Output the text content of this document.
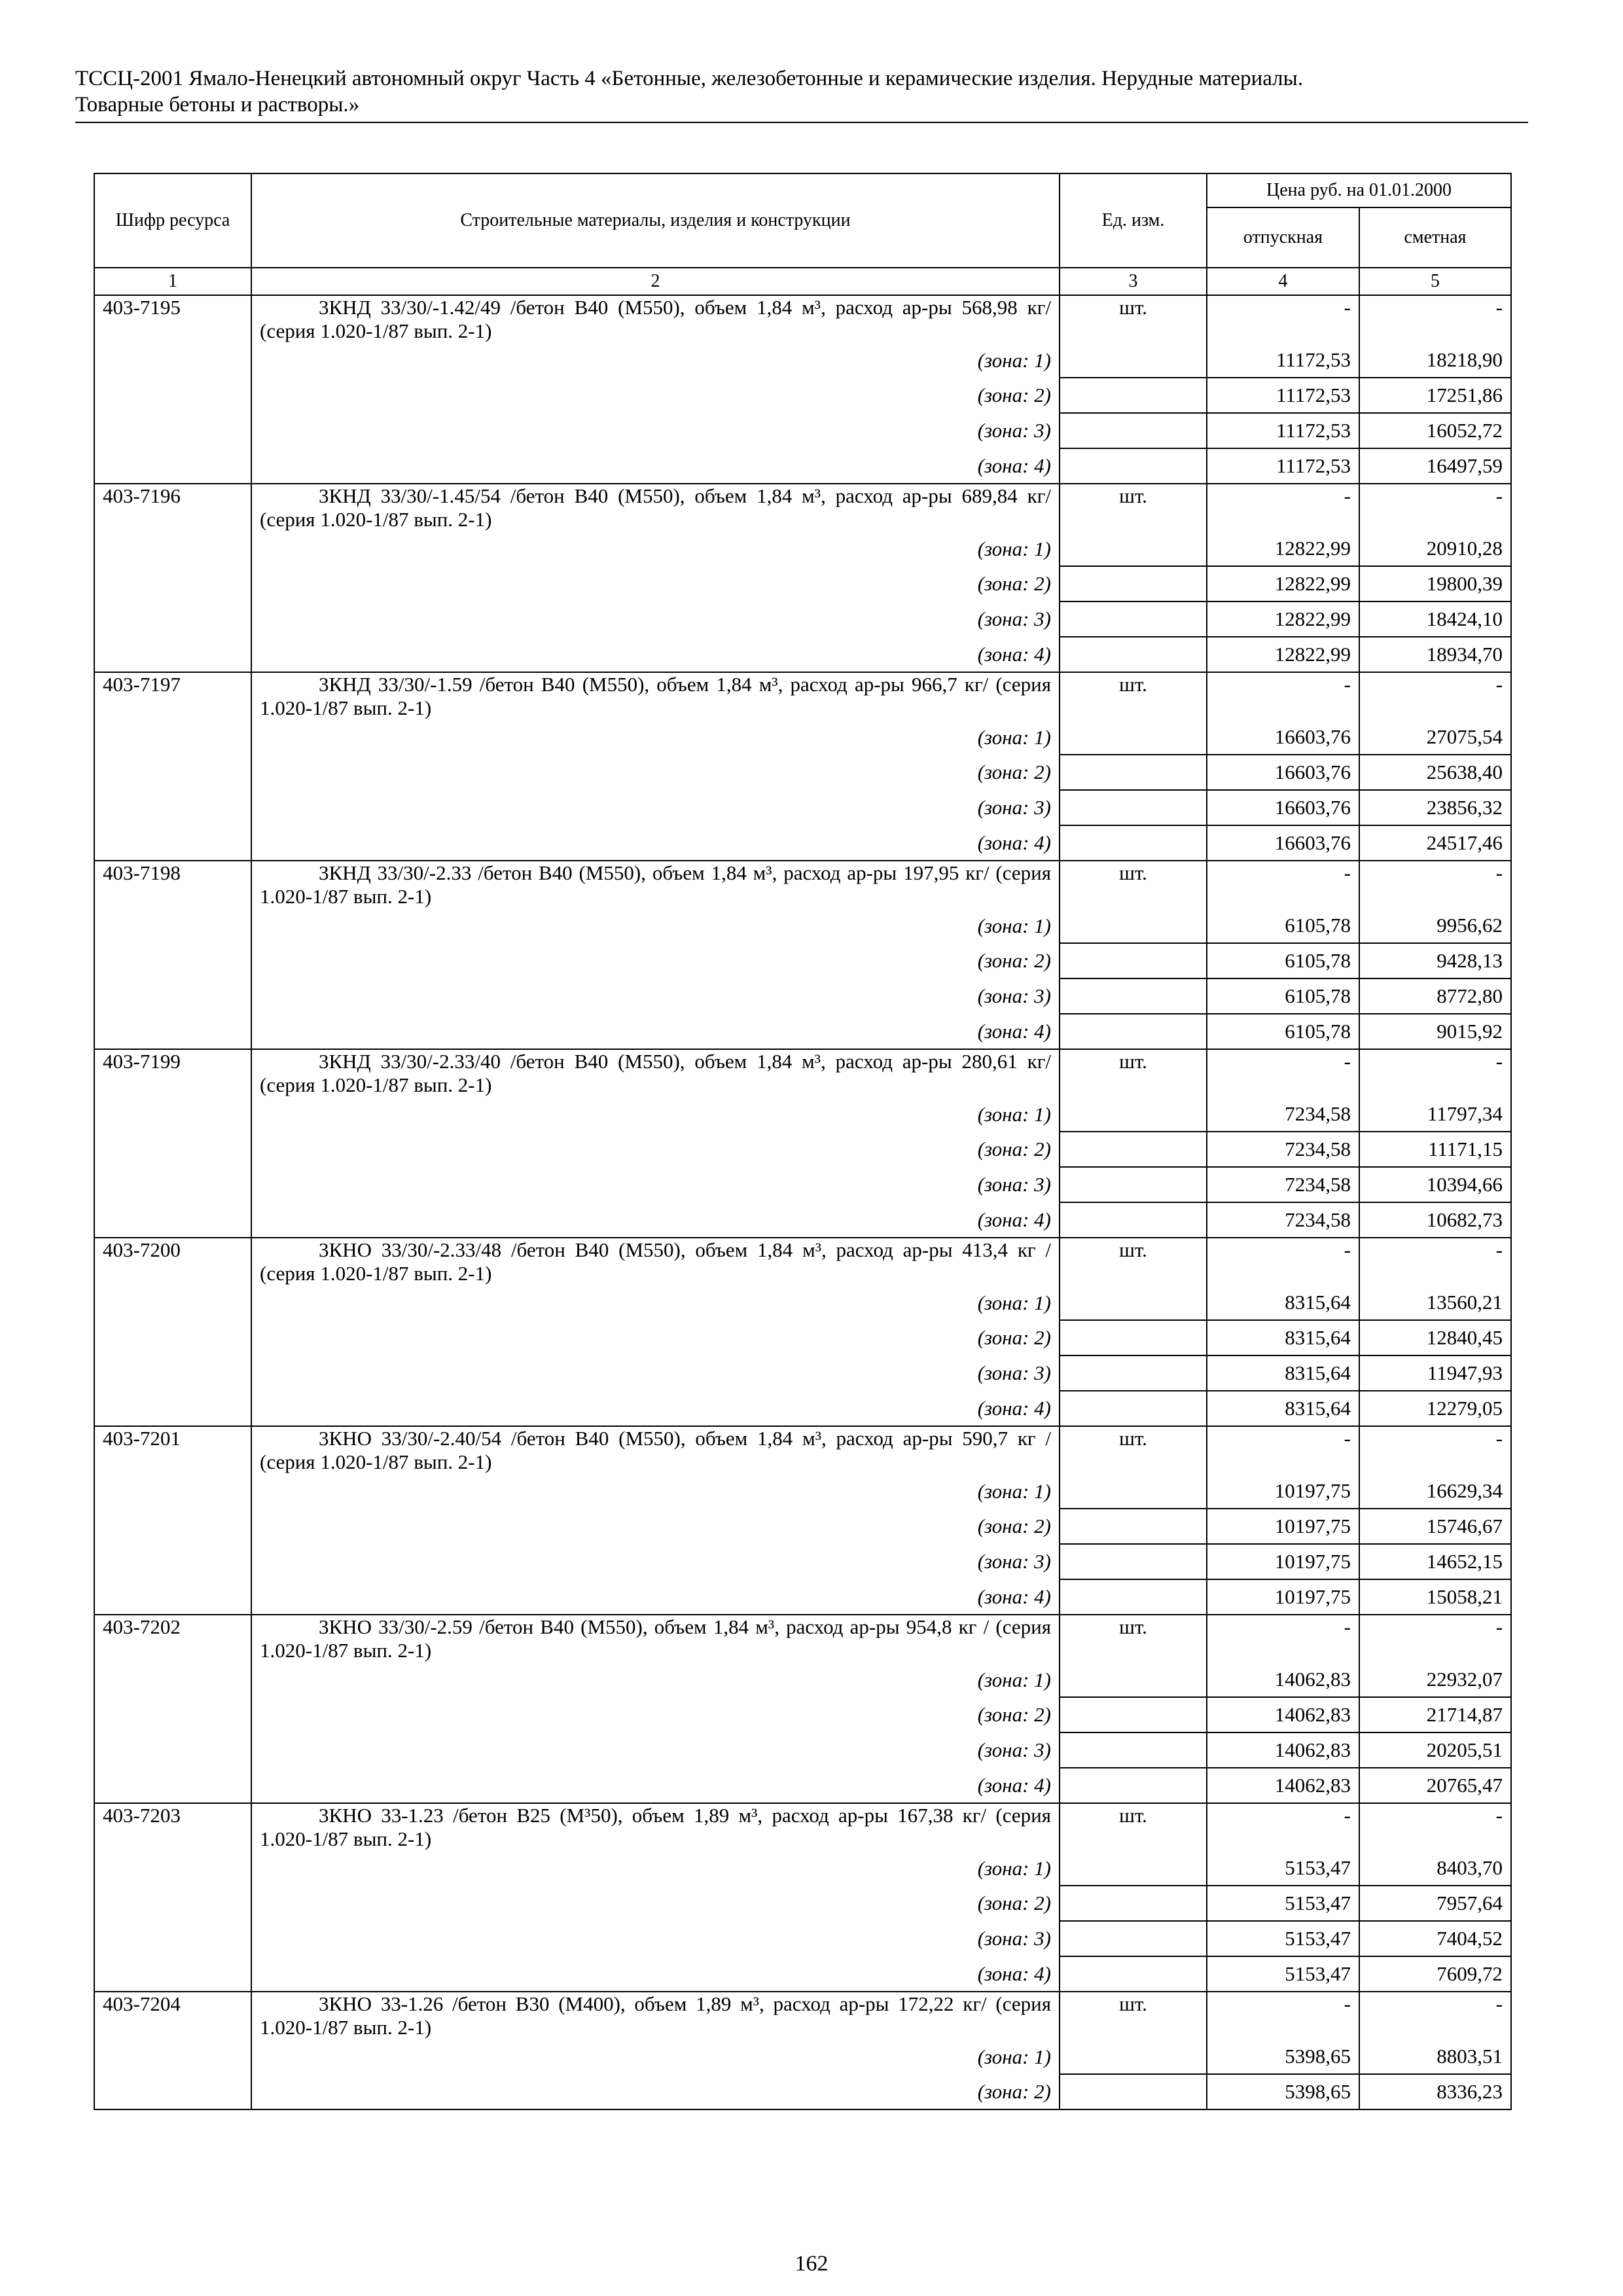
ТССЦ-2001 Ямало-Ненецкий автономный округ Часть 4 «Бетонные, железобетонные и керамические изделия. Нерудные материалы.
Товарные бетоны и растворы.»
Шифр ресурса	Строительные материалы, изделия и конструкции	Ед. изм.	Цена руб. на 01.01.2000	
			отпускная	сметная
1	2	3	4	5
403-7195	3КНД 33/30/-1.42/49 /бетон В40 (М550), объем 1,84 м³, расход ар-ры 568,98 кг/ (серия 1.020-1/87 вып. 2-1)	шт.	-	-
	(зона: 1)		11172,53	18218,90
	(зона: 2)		11172,53	17251,86
	(зона: 3)		11172,53	16052,72
	(зона: 4)		11172,53	16497,59
403-7196	3КНД 33/30/-1.45/54 /бетон В40 (М550), объем 1,84 м³, расход ар-ры 689,84 кг/ (серия 1.020-1/87 вып. 2-1)	шт.	-	-
	(зона: 1)		12822,99	20910,28
	(зона: 2)		12822,99	19800,39
	(зона: 3)		12822,99	18424,10
	(зона: 4)		12822,99	18934,70
403-7197	3КНД 33/30/-1.59 /бетон В40 (М550), объем 1,84 м³, расход ар-ры 966,7 кг/ (серия 1.020-1/87 вып. 2-1)	шт.	-	-
	(зона: 1)		16603,76	27075,54
	(зона: 2)		16603,76	25638,40
	(зона: 3)		16603,76	23856,32
	(зона: 4)		16603,76	24517,46
403-7198	3КНД 33/30/-2.33 /бетон В40 (М550), объем 1,84 м³, расход ар-ры 197,95 кг/ (серия 1.020-1/87 вып. 2-1)	шт.	-	-
	(зона: 1)		6105,78	9956,62
	(зона: 2)		6105,78	9428,13
	(зона: 3)		6105,78	8772,80
	(зона: 4)		6105,78	9015,92
403-7199	3КНД 33/30/-2.33/40 /бетон В40 (М550), объем 1,84 м³, расход ар-ры 280,61 кг/ (серия 1.020-1/87 вып. 2-1)	шт.	-	-
	(зона: 1)		7234,58	11797,34
	(зона: 2)		7234,58	11171,15
	(зона: 3)		7234,58	10394,66
	(зона: 4)		7234,58	10682,73
403-7200	3КНО 33/30/-2.33/48 /бетон В40 (М550), объем 1,84 м³, расход ар-ры 413,4 кг / (серия 1.020-1/87 вып. 2-1)	шт.	-	-
	(зона: 1)		8315,64	13560,21
	(зона: 2)		8315,64	12840,45
	(зона: 3)		8315,64	11947,93
	(зона: 4)		8315,64	12279,05
403-7201	3КНО 33/30/-2.40/54 /бетон В40 (М550), объем 1,84 м³, расход ар-ры 590,7 кг / (серия 1.020-1/87 вып. 2-1)	шт.	-	-
	(зона: 1)		10197,75	16629,34
	(зона: 2)		10197,75	15746,67
	(зона: 3)		10197,75	14652,15
	(зона: 4)		10197,75	15058,21
403-7202	3КНО 33/30/-2.59 /бетон В40 (М550), объем 1,84 м³, расход ар-ры 954,8 кг / (серия 1.020-1/87 вып. 2-1)	шт.	-	-
	(зона: 1)		14062,83	22932,07
	(зона: 2)		14062,83	21714,87
	(зона: 3)		14062,83	20205,51
	(зона: 4)		14062,83	20765,47
403-7203	3КНО 33-1.23 /бетон В25 (М³50), объем 1,89 м³, расход ар-ры 167,38 кг/ (серия 1.020-1/87 вып. 2-1)	шт.	-	-
	(зона: 1)		5153,47	8403,70
	(зона: 2)		5153,47	7957,64
	(зона: 3)		5153,47	7404,52
	(зона: 4)		5153,47	7609,72
403-7204	3КНО 33-1.26 /бетон В30 (М400), объем 1,89 м³, расход ар-ры 172,22 кг/ (серия 1.020-1/87 вып. 2-1)	шт.	-	-
	(зона: 1)		5398,65	8803,51
	(зона: 2)		5398,65	8336,23
162
